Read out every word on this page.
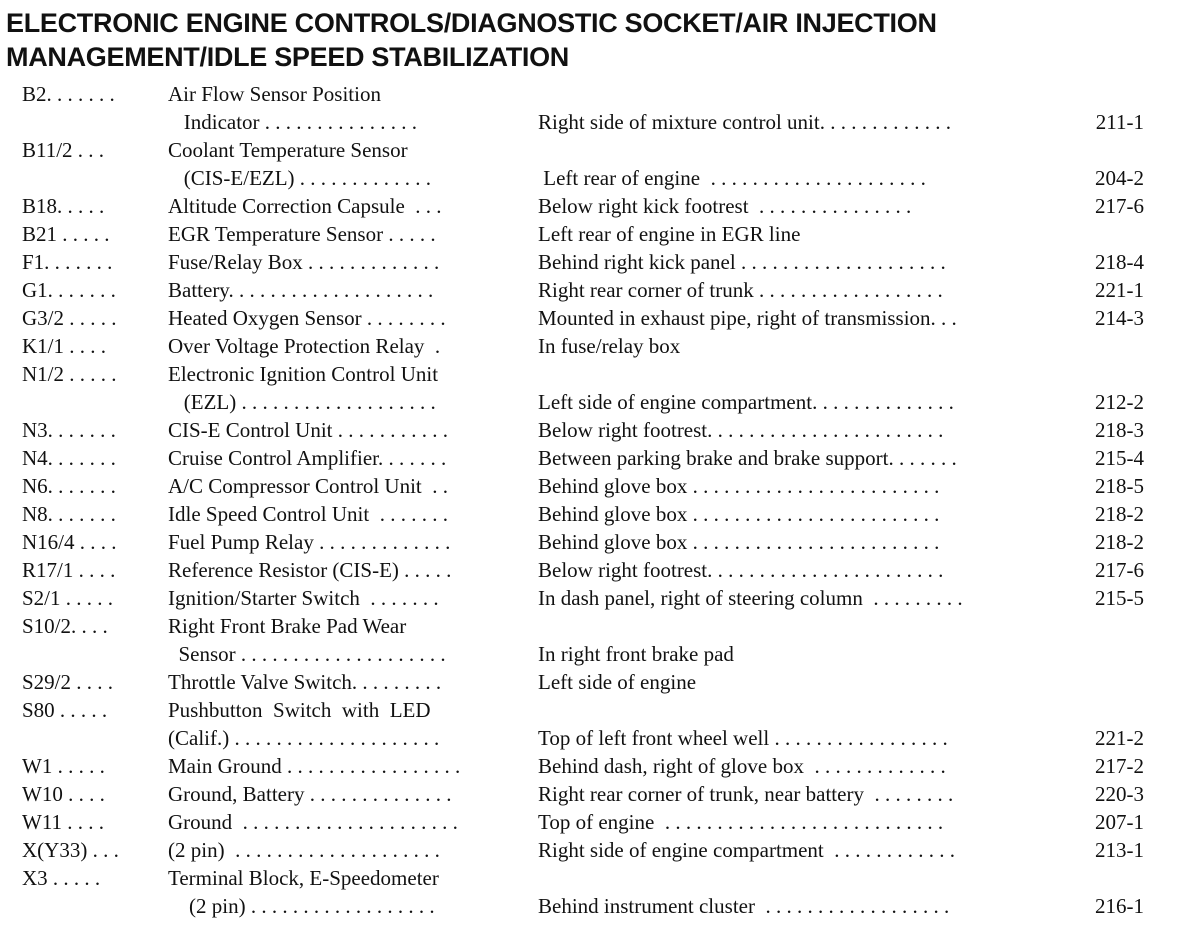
ELECTRONIC ENGINE CONTROLS/DIAGNOSTIC SOCKET/AIR INJECTION
MANAGEMENT/IDLE SPEED STABILIZATION
B2. . . . . . .	Air Flow Sensor Position
Indicator . . . . . . . . . . . . . . .	Right side of mixture control unit. . . . . . . . . . . . .	211-1
B11/2 . . .	Coolant Temperature Sensor
(CIS-E/EZL) . . . . . . . . . . . . .	Left rear of engine  . . . . . . . . . . . . . . . . . . . . .	204-2
B18. . . . .	Altitude Correction Capsule  . . .	Below right kick footrest  . . . . . . . . . . . . . . .	217-6
B21 . . . . .	EGR Temperature Sensor . . . . .	Left rear of engine in EGR line
F1. . . . . . .	Fuse/Relay Box . . . . . . . . . . . . .	Behind right kick panel . . . . . . . . . . . . . . . . . . . .	218-4
G1. . . . . . .	Battery. . . . . . . . . . . . . . . . . . . .	Right rear corner of trunk . . . . . . . . . . . . . . . . . .	221-1
G3/2 . . . . .	Heated Oxygen Sensor . . . . . . . .	Mounted in exhaust pipe, right of transmission. . .	214-3
K1/1 . . . .	Over Voltage Protection Relay  .	In fuse/relay box
N1/2 . . . . .	Electronic Ignition Control Unit
(EZL) . . . . . . . . . . . . . . . . . . .	Left side of engine compartment. . . . . . . . . . . . . .	212-2
N3. . . . . . .	CIS-E Control Unit . . . . . . . . . . .	Below right footrest. . . . . . . . . . . . . . . . . . . . . . .	218-3
N4. . . . . . .	Cruise Control Amplifier. . . . . . .	Between parking brake and brake support. . . . . . .	215-4
N6. . . . . . .	A/C Compressor Control Unit  . .	Behind glove box . . . . . . . . . . . . . . . . . . . . . . . .	218-5
N8. . . . . . .	Idle Speed Control Unit  . . . . . . .	Behind glove box . . . . . . . . . . . . . . . . . . . . . . . .	218-2
N16/4 . . . .	Fuel Pump Relay . . . . . . . . . . . . .	Behind glove box . . . . . . . . . . . . . . . . . . . . . . . .	218-2
R17/1 . . . .	Reference Resistor (CIS-E) . . . . .	Below right footrest. . . . . . . . . . . . . . . . . . . . . . .	217-6
S2/1 . . . . .	Ignition/Starter Switch  . . . . . . .	In dash panel, right of steering column  . . . . . . . . .	215-5
S10/2. . . .	Right Front Brake Pad Wear
Sensor . . . . . . . . . . . . . . . . . . . .	In right front brake pad
S29/2 . . . .	Throttle Valve Switch. . . . . . . . .	Left side of engine
S80 . . . . .	Pushbutton  Switch  with  LED
(Calif.) . . . . . . . . . . . . . . . . . . . .	Top of left front wheel well . . . . . . . . . . . . . . . . .	221-2
W1 . . . . .	Main Ground . . . . . . . . . . . . . . . . .	Behind dash, right of glove box  . . . . . . . . . . . . .	217-2
W10 . . . .	Ground, Battery . . . . . . . . . . . . . .	Right rear corner of trunk, near battery  . . . . . . . .	220-3
W11 . . . .	Ground  . . . . . . . . . . . . . . . . . . . . .	Top of engine  . . . . . . . . . . . . . . . . . . . . . . . . . . .	207-1
X(Y33) . . .	(2 pin)  . . . . . . . . . . . . . . . . . . . .	Right side of engine compartment  . . . . . . . . . . . .	213-1
X3 . . . . .	Terminal Block, E-Speedometer
(2 pin) . . . . . . . . . . . . . . . . . .	Behind instrument cluster  . . . . . . . . . . . . . . . . . .	216-1
